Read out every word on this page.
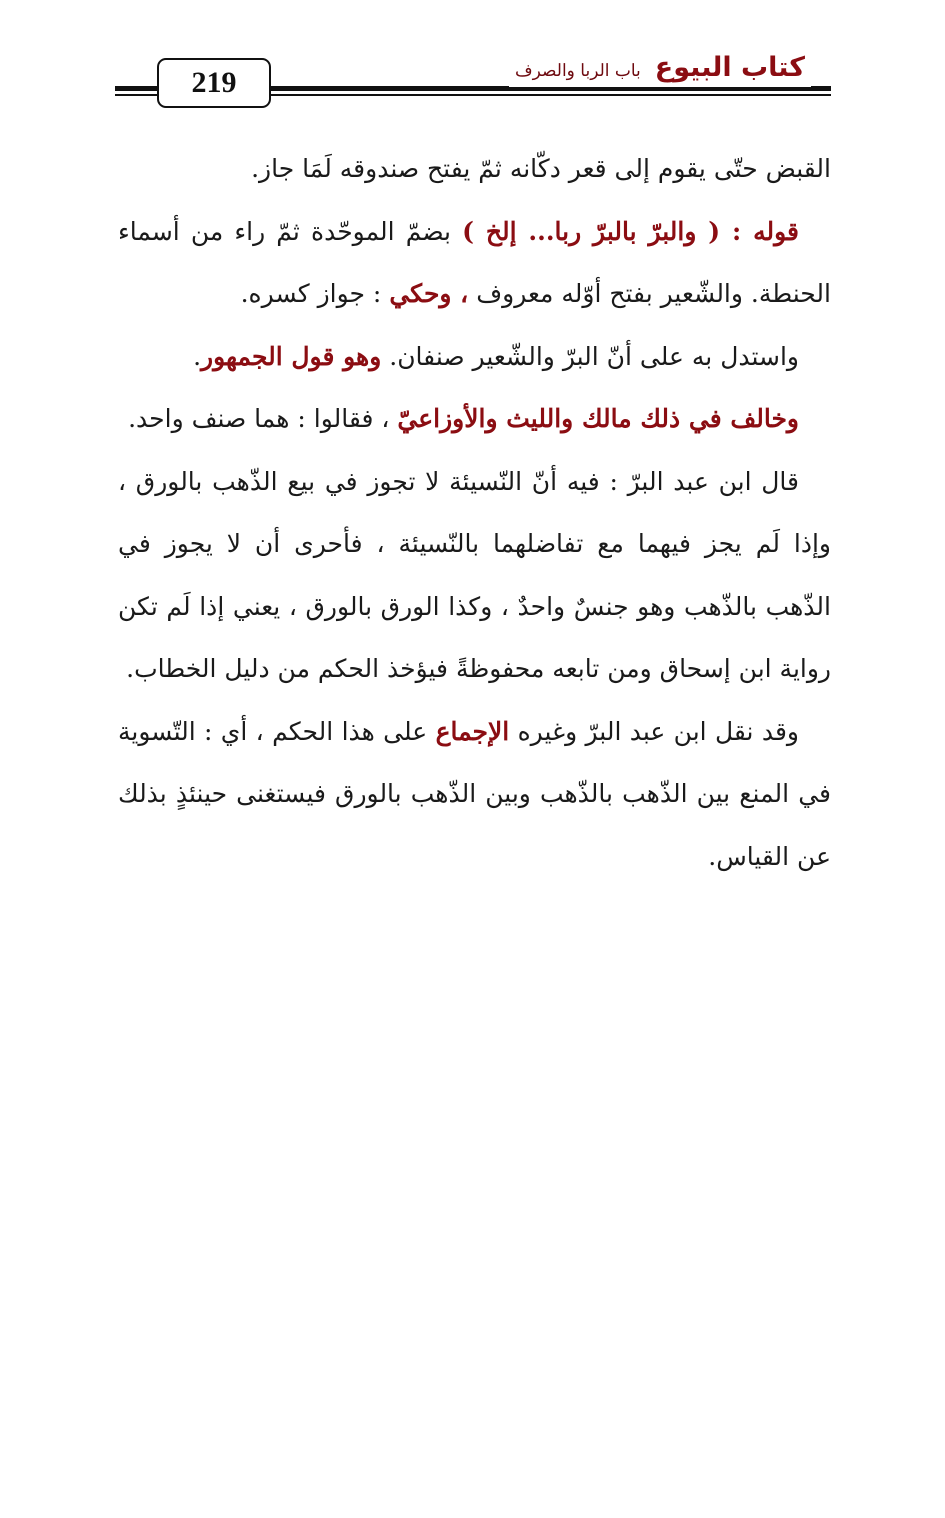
219	كتاب البيوع
باب الربا والصرف

القبض حتّى يقوم إلى قعر دكّانه ثمّ يفتح صندوقه لَمَا جاز.

قوله : ( والبرّ بالبرّ ربا... إلخ ) بضمّ الموحّدة ثمّ راء من أسماء الحنطة. والشّعير بفتح أوّله معروف ، وحكي : جواز كسره.

واستدل به على أنّ البرّ والشّعير صنفان. وهو قول الجمهور.

وخالف في ذلك مالك والليث والأوزاعيّ ، فقالوا : هما صنف واحد.

قال ابن عبد البرّ : فيه أنّ النّسيئة لا تجوز في بيع الذّهب بالورق ، وإذا لَم يجز فيهما مع تفاضلهما بالنّسيئة ، فأحرى أن لا يجوز في الذّهب بالذّهب وهو جنسٌ واحدٌ ، وكذا الورق بالورق ، يعني إذا لَم تكن رواية ابن إسحاق ومن تابعه محفوظةً فيؤخذ الحكم من دليل الخطاب.

وقد نقل ابن عبد البرّ وغيره الإجماع على هذا الحكم ، أي : التّسوية في المنع بين الذّهب بالذّهب وبين الذّهب بالورق فيستغنى حينئذٍ بذلك عن القياس.
